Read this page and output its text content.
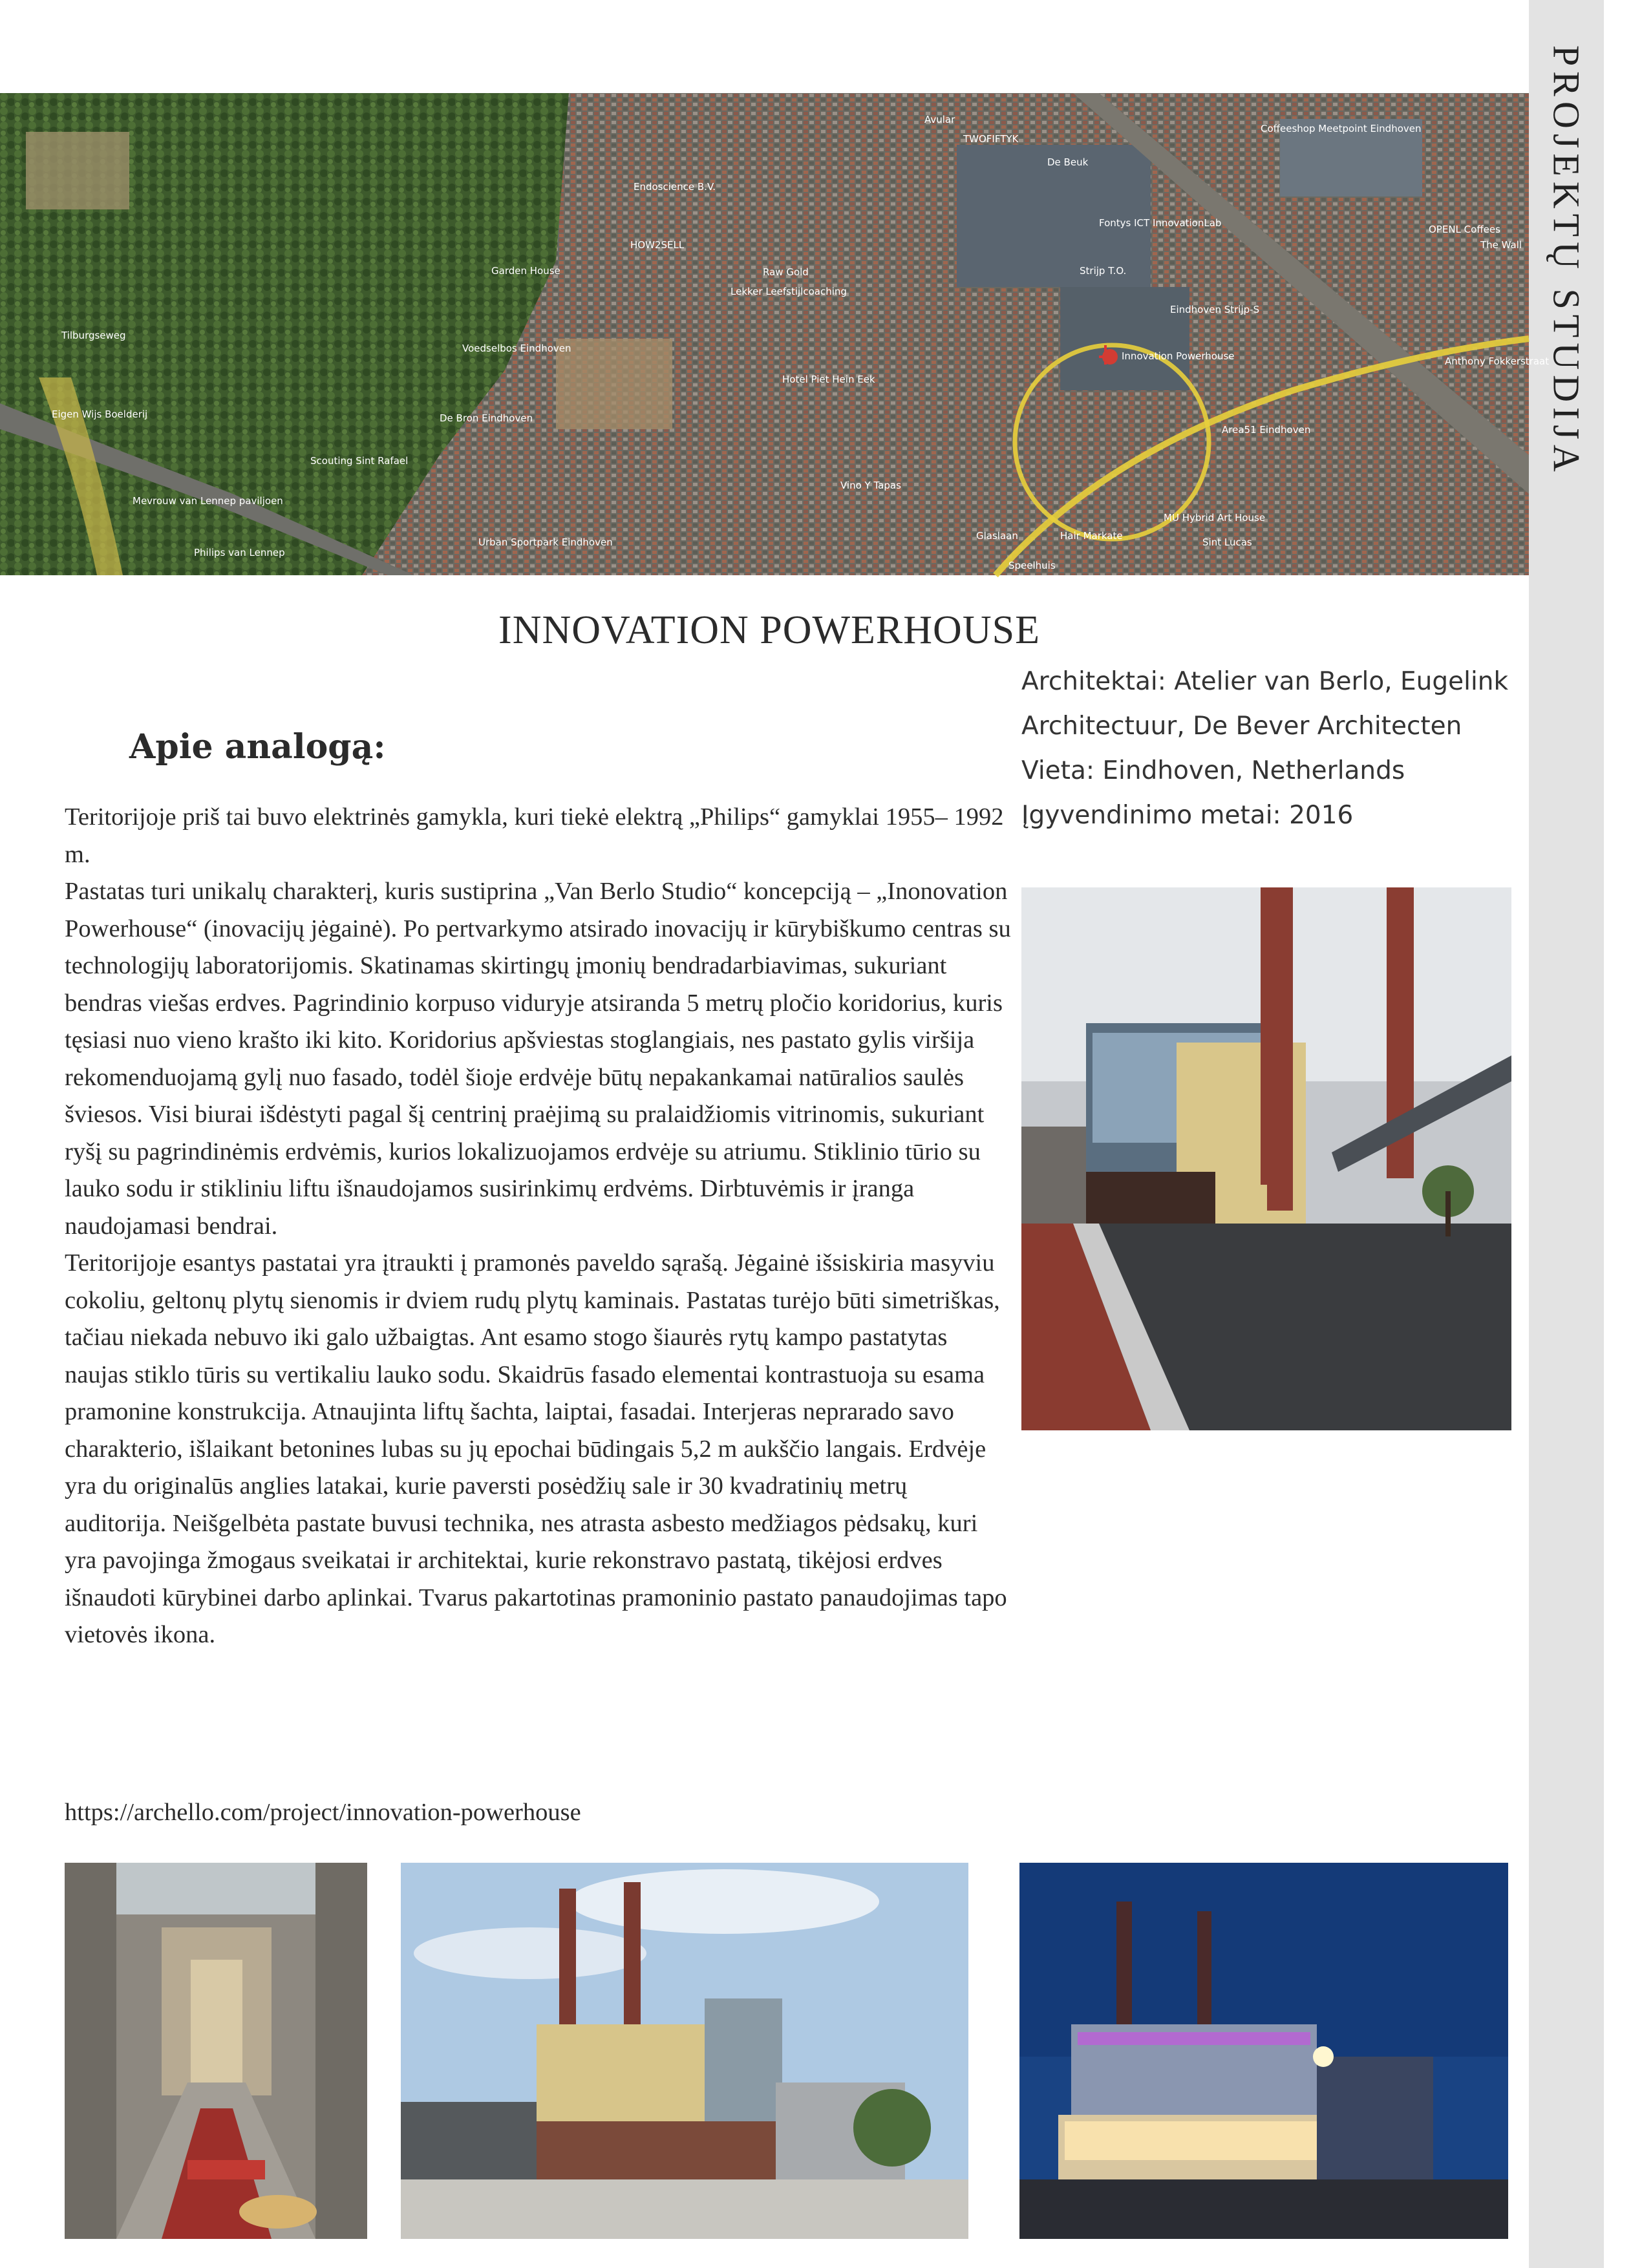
PROJEKTŲ STUDIJA
Avular
TWOFIFTYK
De Beuk
Coffeeshop Meetpoint Eindhoven
Endoscience B.V.
HOW2SELL
Fontys ICT InnovationLab
Garden House	Raw Gold
Lekker Leefstijlcoaching
Strijp T.O.
Eindhoven Strijp-S
Innovation Powerhouse
Tilburgseweg
Voedselbos Eindhoven
Hotel Piet Hein Eek
Eigen Wijs Boelderij	De Bron Eindhoven
Scouting Sint Rafael
Area51 Eindhoven
Vino Y Tapas
Mevrouw van Lennep paviljoen
Philips van Lennep
Urban Sportpark Eindhoven
Hair Markate
MU Hybrid Art House
Sint Lucas
OPENL Coffees
The Wall
Speelhuis
Glaslaan
Anthony Fokkerstraat
INNOVATION POWERHOUSE
Apie analogą:
Architektai: Atelier van Berlo, Eugelink
Architectuur, De Bever Architecten
Vieta: Eindhoven, Netherlands
Įgyvendinimo metai: 2016

Teritorijoje priš tai buvo elektrinės gamykla, kuri tiekė elektrą „Philips“ gamyklai 1955– 1992 m.

Pastatas turi unikalų charakterį, kuris sustiprina „Van Berlo Studio“ koncepciją – „Inonovation Powerhouse“ (inovacijų jėgainė). Po pertvarkymo atsirado inovacijų ir kūrybiškumo centras su technologijų laboratorijomis. Skatinamas skirtingų įmonių bendradarbiavimas, sukuriant bendras viešas erdves. Pagrindinio korpuso viduryje atsiranda 5 metrų pločio koridorius, kuris tęsiasi nuo vieno krašto iki kito. Koridorius apšviestas stoglangiais, nes pastato gylis viršija rekomenduojamą gylį nuo fasado, todėl šioje erdvėje būtų nepakankamai natūralios saulės šviesos. Visi biurai išdėstyti pagal šį centrinį praėjimą su pralaidžiomis vitrinomis, sukuriant ryšį su pagrindinėmis erdvėmis, kurios lokalizuojamos erdvėje su atriumu. Stiklinio tūrio su lauko sodu ir stikliniu liftu išnaudojamos susirinkimų erdvėms. Dirbtuvėmis ir įranga naudojamasi bendrai.

Teritorijoje esantys pastatai yra įtraukti į pramonės paveldo sąrašą. Jėgainė išsiskiria masyviu cokoliu, geltonų plytų sienomis ir dviem rudų plytų kaminais. Pastatas turėjo būti simetriškas, tačiau niekada nebuvo iki galo užbaigtas. Ant esamo stogo šiaurės rytų kampo pastatytas naujas stiklo tūris su vertikaliu lauko sodu. Skaidrūs fasado elementai kontrastuoja su esama pramonine konstrukcija. Atnaujinta liftų šachta, laiptai, fasadai. Interjeras neprarado savo charakterio, išlaikant betonines lubas su jų epochai būdingais 5,2 m aukščio langais. Erdvėje yra du originalūs anglies latakai, kurie paversti posėdžių sale ir 30 kvadratinių metrų auditorija. Neišgelbėta pastate buvusi technika, nes atrasta asbesto medžiagos pėdsakų, kuri yra pavojinga žmogaus sveikatai ir architektai, kurie rekonstravo pastatą, tikėjosi erdves išnaudoti kūrybinei darbo aplinkai. Tvarus pakartotinas pramoninio pastato panaudojimas tapo vietovės ikona.

https://archello.com/project/innovation-powerhouse
